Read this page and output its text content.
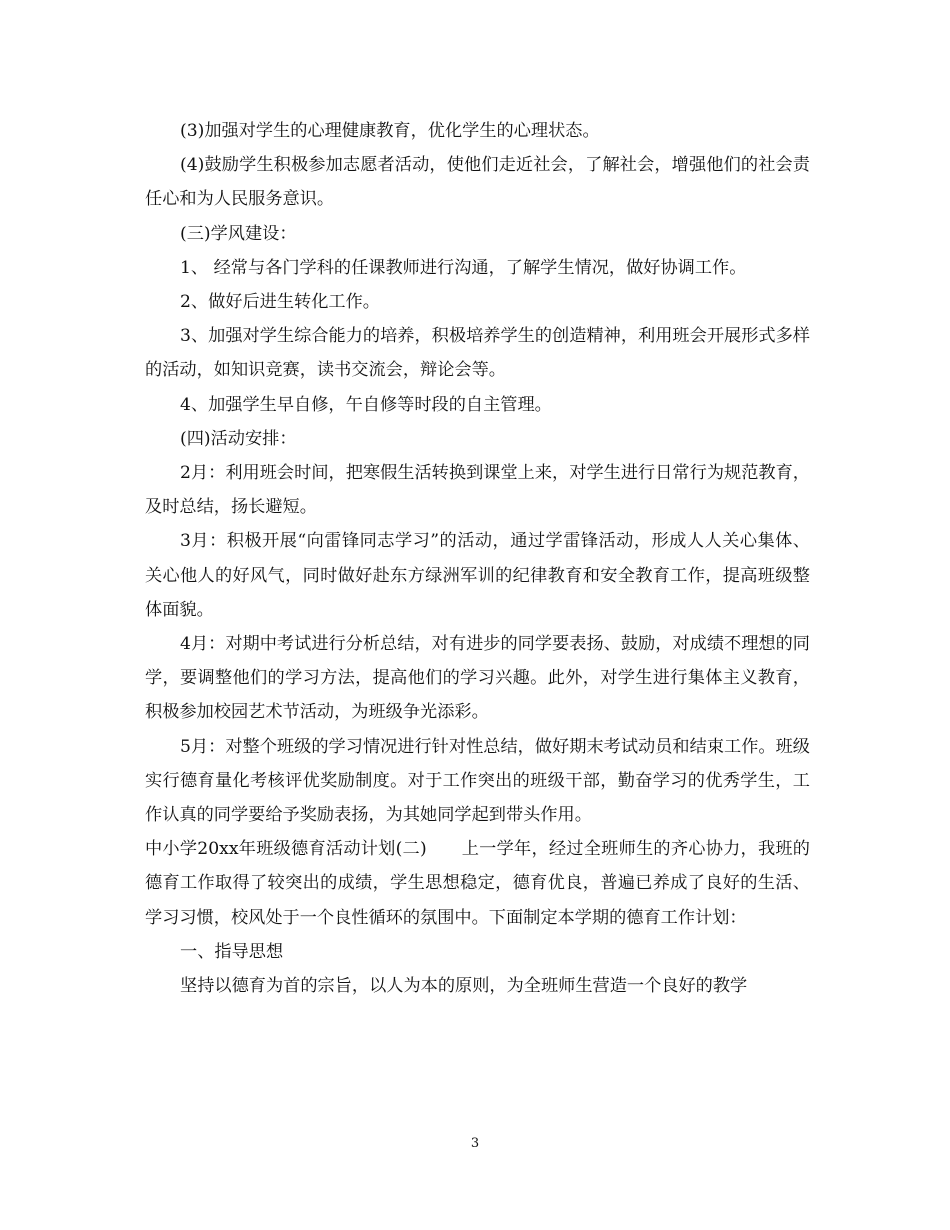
(3)加强对学生的心理健康教育，优化学生的心理状态。

(4)鼓励学生积极参加志愿者活动，使他们走近社会，了解社会，增强他们的社会责任心和为人民服务意识。

(三)学风建设：

1、 经常与各门学科的任课教师进行沟通，了解学生情况，做好协调工作。

2、做好后进生转化工作。

3、加强对学生综合能力的培养，积极培养学生的创造精神，利用班会开展形式多样的活动，如知识竞赛，读书交流会，辩论会等。

4、加强学生早自修，午自修等时段的自主管理。

(四)活动安排：

2月：利用班会时间，把寒假生活转换到课堂上来，对学生进行日常行为规范教育，及时总结，扬长避短。

3月：积极开展“向雷锋同志学习”的活动，通过学雷锋活动，形成人人关心集体、关心他人的好风气，同时做好赴东方绿洲军训的纪律教育和安全教育工作，提高班级整体面貌。

4月：对期中考试进行分析总结，对有进步的同学要表扬、鼓励，对成绩不理想的同学，要调整他们的学习方法，提高他们的学习兴趣。此外，对学生进行集体主义教育，积极参加校园艺术节活动，为班级争光添彩。

5月：对整个班级的学习情况进行针对性总结，做好期末考试动员和结束工作。班级实行德育量化考核评优奖励制度。对于工作突出的班级干部，勤奋学习的优秀学生，工作认真的同学要给予奖励表扬，为其她同学起到带头作用。

中小学20xx年班级德育活动计划(二)　　上一学年，经过全班师生的齐心协力，我班的德育工作取得了较突出的成绩，学生思想稳定，德育优良，普遍已养成了良好的生活、学习习惯，校风处于一个良性循环的氛围中。下面制定本学期的德育工作计划：

一、指导思想

坚持以德育为首的宗旨，以人为本的原则，为全班师生营造一个良好的教学

3
